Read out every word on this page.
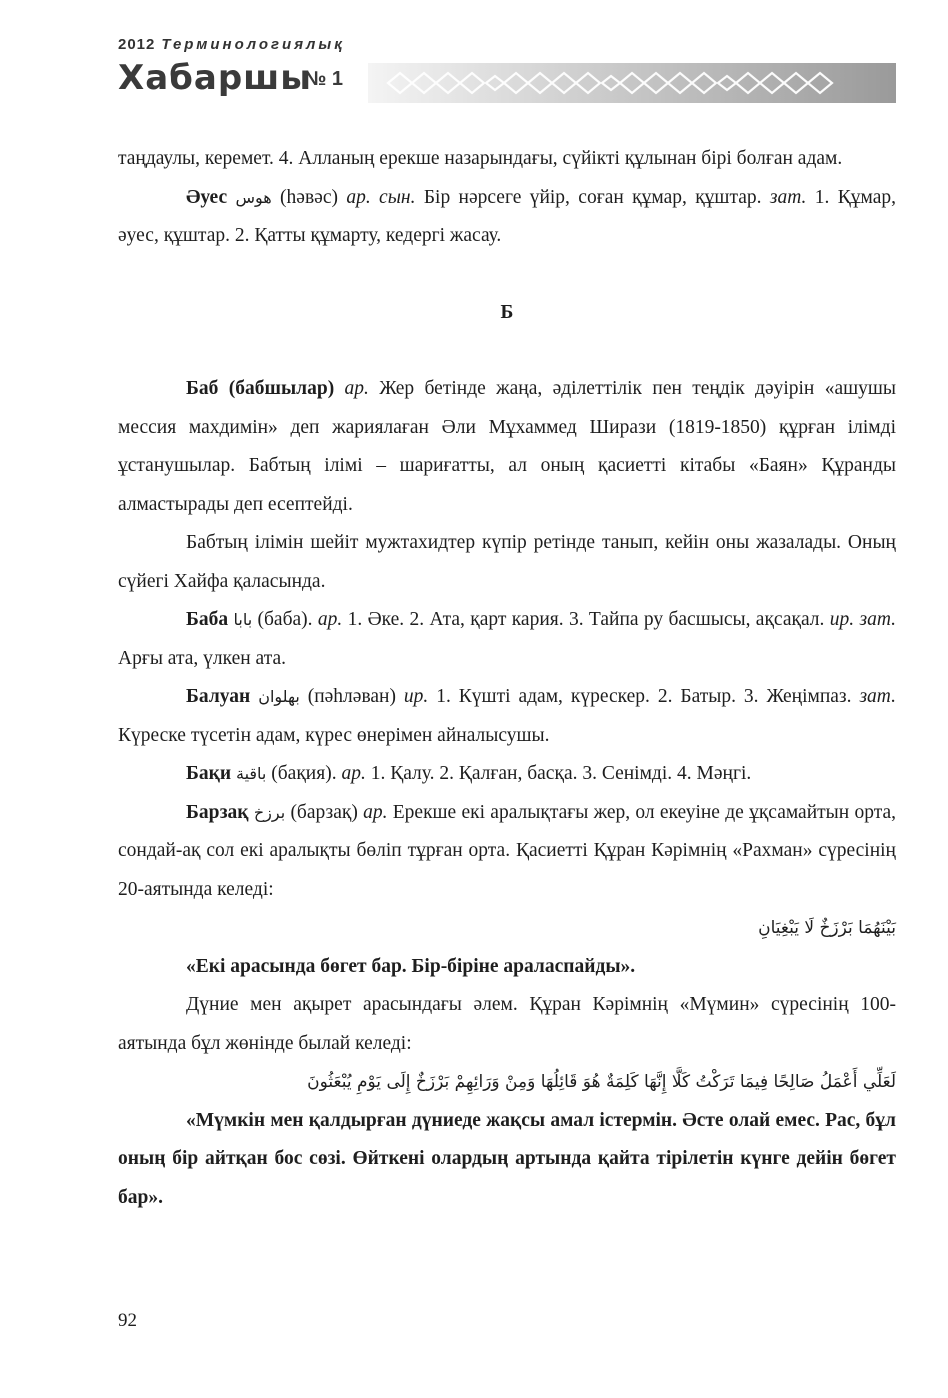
2012 Терминологиялық
Хабаршы
№ 1

таңдаулы, керемет. 4. Алланың ерекше назарындағы, сүйікті құлынан бірі болған адам.

Әуес هوس (һәвәс) ар. сын. Бір нәрсеге үйір, соған құмар, құштар. зат. 1. Құмар, әуес, құштар. 2. Қатты құмарту, кедергі жасау.

Б

Баб (бабшылар) ар. Жер бетінде жаңа, әділеттілік пен теңдік дәуірін «ашушы мессия махдимін» деп жариялаған Әли Мұхаммед Ширази (1819-1850) құрған ілімді ұстанушылар. Бабтың ілімі – шариғатты, ал оның қасиетті кітабы «Баян» Құранды алмастырады деп есептейді.

Бабтың ілімін шейіт мужтахидтер күпір ретінде танып, кейін оны жазалады. Оның сүйегі Хайфа қаласында.

Баба بابا (баба). ар. 1. Әке. 2. Ата, қарт кария. 3. Тайпа ру басшысы, ақсақал. ир. зат. Арғы ата, үлкен ата.

Балуан بهلوان (пәһләван) ир. 1. Күшті адам, күрескер. 2. Батыр. 3. Жеңімпаз. зат. Күреске түсетін адам, күрес өнерімен айналысушы.

Бақи باقية (бақия). ар. 1. Қалу. 2. Қалған, басқа. 3. Сенімді. 4. Мәңгі.

Барзақ برزخ (барзақ) ар. Ерекше екі аралықтағы жер, ол екеуіне де ұқсамайтын орта, сондай-ақ сол екі аралықты бөліп тұрған орта. Қасиетті Құран Кәрімнің «Рахман» сүресінің 20-аятында келеді:

بَيْنَهُمَا بَرْزَخٌ لَا يَبْغِيَانِ

«Екі арасында бөгет бар. Бір-біріне араласпайды».

Дүние мен ақырет арасындағы әлем. Құран Кәрімнің «Мүмин» сүресінің 100-аятында бұл жөнінде былай келеді:

لَعَلِّي أَعْمَلُ صَالِحًا فِيمَا تَرَكْتُ كَلَّا إِنَّهَا كَلِمَةٌ هُوَ قَائِلُهَا وَمِنْ وَرَائِهِمْ بَرْزَخٌ إِلَى يَوْمِ يُبْعَثُونَ

«Мүмкін мен қалдырған дүниеде жақсы амал істермін. Әсте олай емес. Рас, бұл оның бір айтқан бос сөзі. Өйткені олардың артында қайта тірілетін күнге дейін бөгет бар».

92
